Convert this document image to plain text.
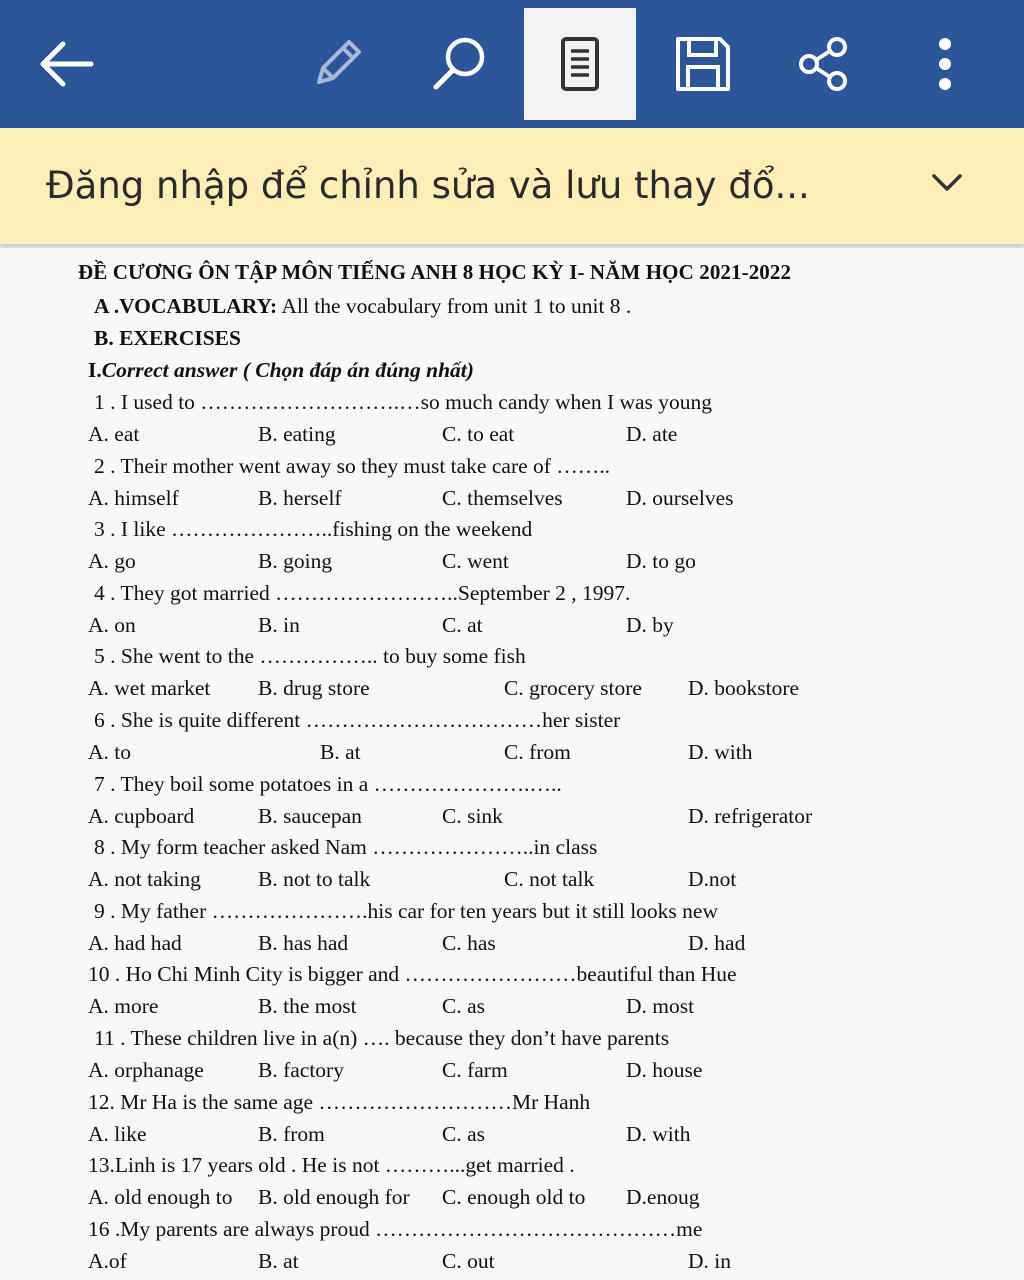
Đăng nhập để chỉnh sửa và lưu thay đổ...
ĐỀ CƯƠNG ÔN TẬP MÔN TIẾNG ANH 8 HỌC KỲ I- NĂM HỌC 2021-2022
A .VOCABULARY: All the vocabulary from unit 1 to unit 8 .
B. EXERCISES
I.Correct answer ( Chọn đáp án đúng nhất)
1 . I used to ……………………….…so much candy when I was young
A. eat	B. eating	C. to eat	D. ate
2 . Their mother went away so they must take care of ……..
A. himself	B. herself	C. themselves	D. ourselves
3 . I like …………………..fishing on the weekend
A. go	B. going	C. went	D. to go
4 . They got married ……………………..September 2 , 1997.
A. on	B. in	C. at	D. by
5 . She went to the …………….. to buy some fish
A. wet market B. drug store	C. grocery store D. bookstore
6 . She is quite different ……………………………her sister
A. to	B. at	C. from	D. with
7 . They boil some potatoes in a ………………….…..
A. cupboard	B. saucepan	C. sink	D. refrigerator
8 . My form teacher asked Nam …………………..in class
A. not taking	B. not to talk	C. not talk	D.not
9 . My father ………………….his car for ten years but it still looks new
A. had had	B. has had	C. has	D. had
10 . Ho Chi Minh City is bigger and ……………………beautiful than Hue
A. more	B. the most	C. as	D. most
11 . These children live in a(n) …. because they don’t have parents
A. orphanage	B. factory	C. farm	D. house
12. Mr Ha is the same age ………………………Mr Hanh
A. like	B. from	C. as	D. with
13.Linh is 17 years old . He is not ………...get married .
A. old enough to B. old enough for C. enough old to D.enoug
16 .My parents are always proud ……………………………………me
A.of	B. at	C. out	D. in
